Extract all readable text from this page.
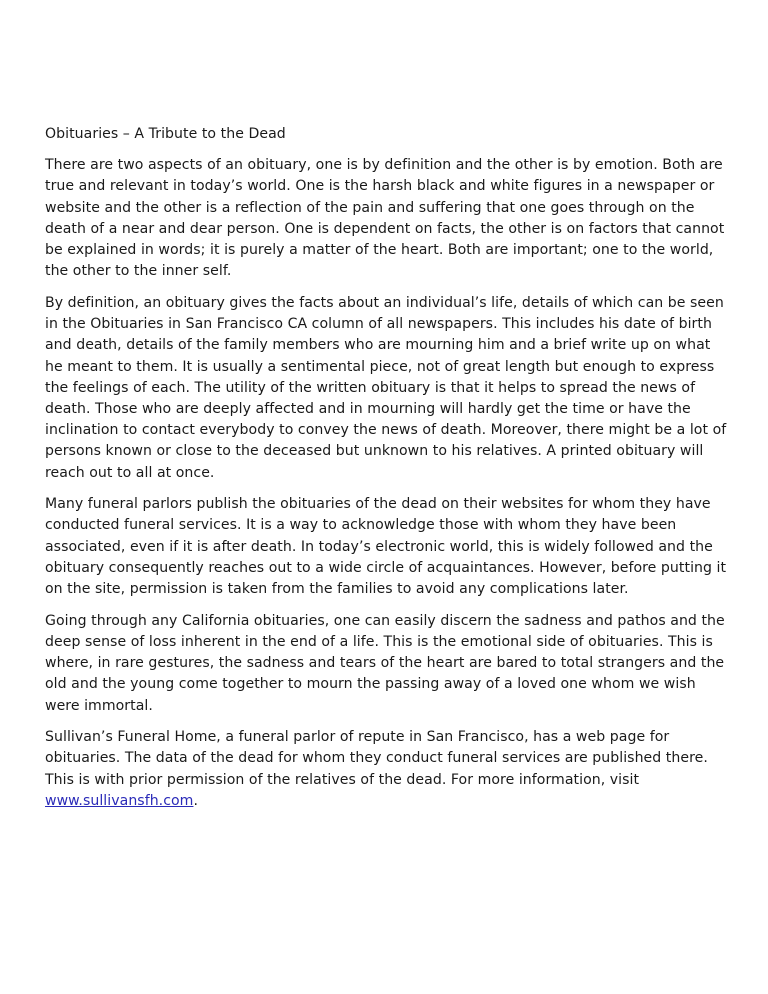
Obituaries – A Tribute to the Dead

There are two aspects of an obituary, one is by definition and the other is by emotion. Both are true and relevant in today’s world. One is the harsh black and white figures in a newspaper or website and the other is a reflection of the pain and suffering that one goes through on the death of a near and dear person. One is dependent on facts, the other is on factors that cannot be explained in words; it is purely a matter of the heart. Both are important; one to the world, the other to the inner self.

By definition, an obituary gives the facts about an individual’s life, details of which can be seen in the Obituaries in San Francisco CA column of all newspapers. This includes his date of birth and death, details of the family members who are mourning him and a brief write up on what he meant to them. It is usually a sentimental piece, not of great length but enough to express the feelings of each. The utility of the written obituary is that it helps to spread the news of death. Those who are deeply affected and in mourning will hardly get the time or have the inclination to contact everybody to convey the news of death. Moreover, there might be a lot of persons known or close to the deceased but unknown to his relatives. A printed obituary will reach out to all at once.

Many funeral parlors publish the obituaries of the dead on their websites for whom they have conducted funeral services. It is a way to acknowledge those with whom they have been associated, even if it is after death. In today’s electronic world, this is widely followed and the obituary consequently reaches out to a wide circle of acquaintances. However, before putting it on the site, permission is taken from the families to avoid any complications later.

Going through any California obituaries, one can easily discern the sadness and pathos and the deep sense of loss inherent in the end of a life. This is the emotional side of obituaries. This is where, in rare gestures, the sadness and tears of the heart are bared to total strangers and the old and the young come together to mourn the passing away of a loved one whom we wish were immortal.

Sullivan’s Funeral Home, a funeral parlor of repute in San Francisco, has a web page for obituaries. The data of the dead for whom they conduct funeral services are published there. This is with prior permission of the relatives of the dead. For more information, visit www.sullivansfh.com.
